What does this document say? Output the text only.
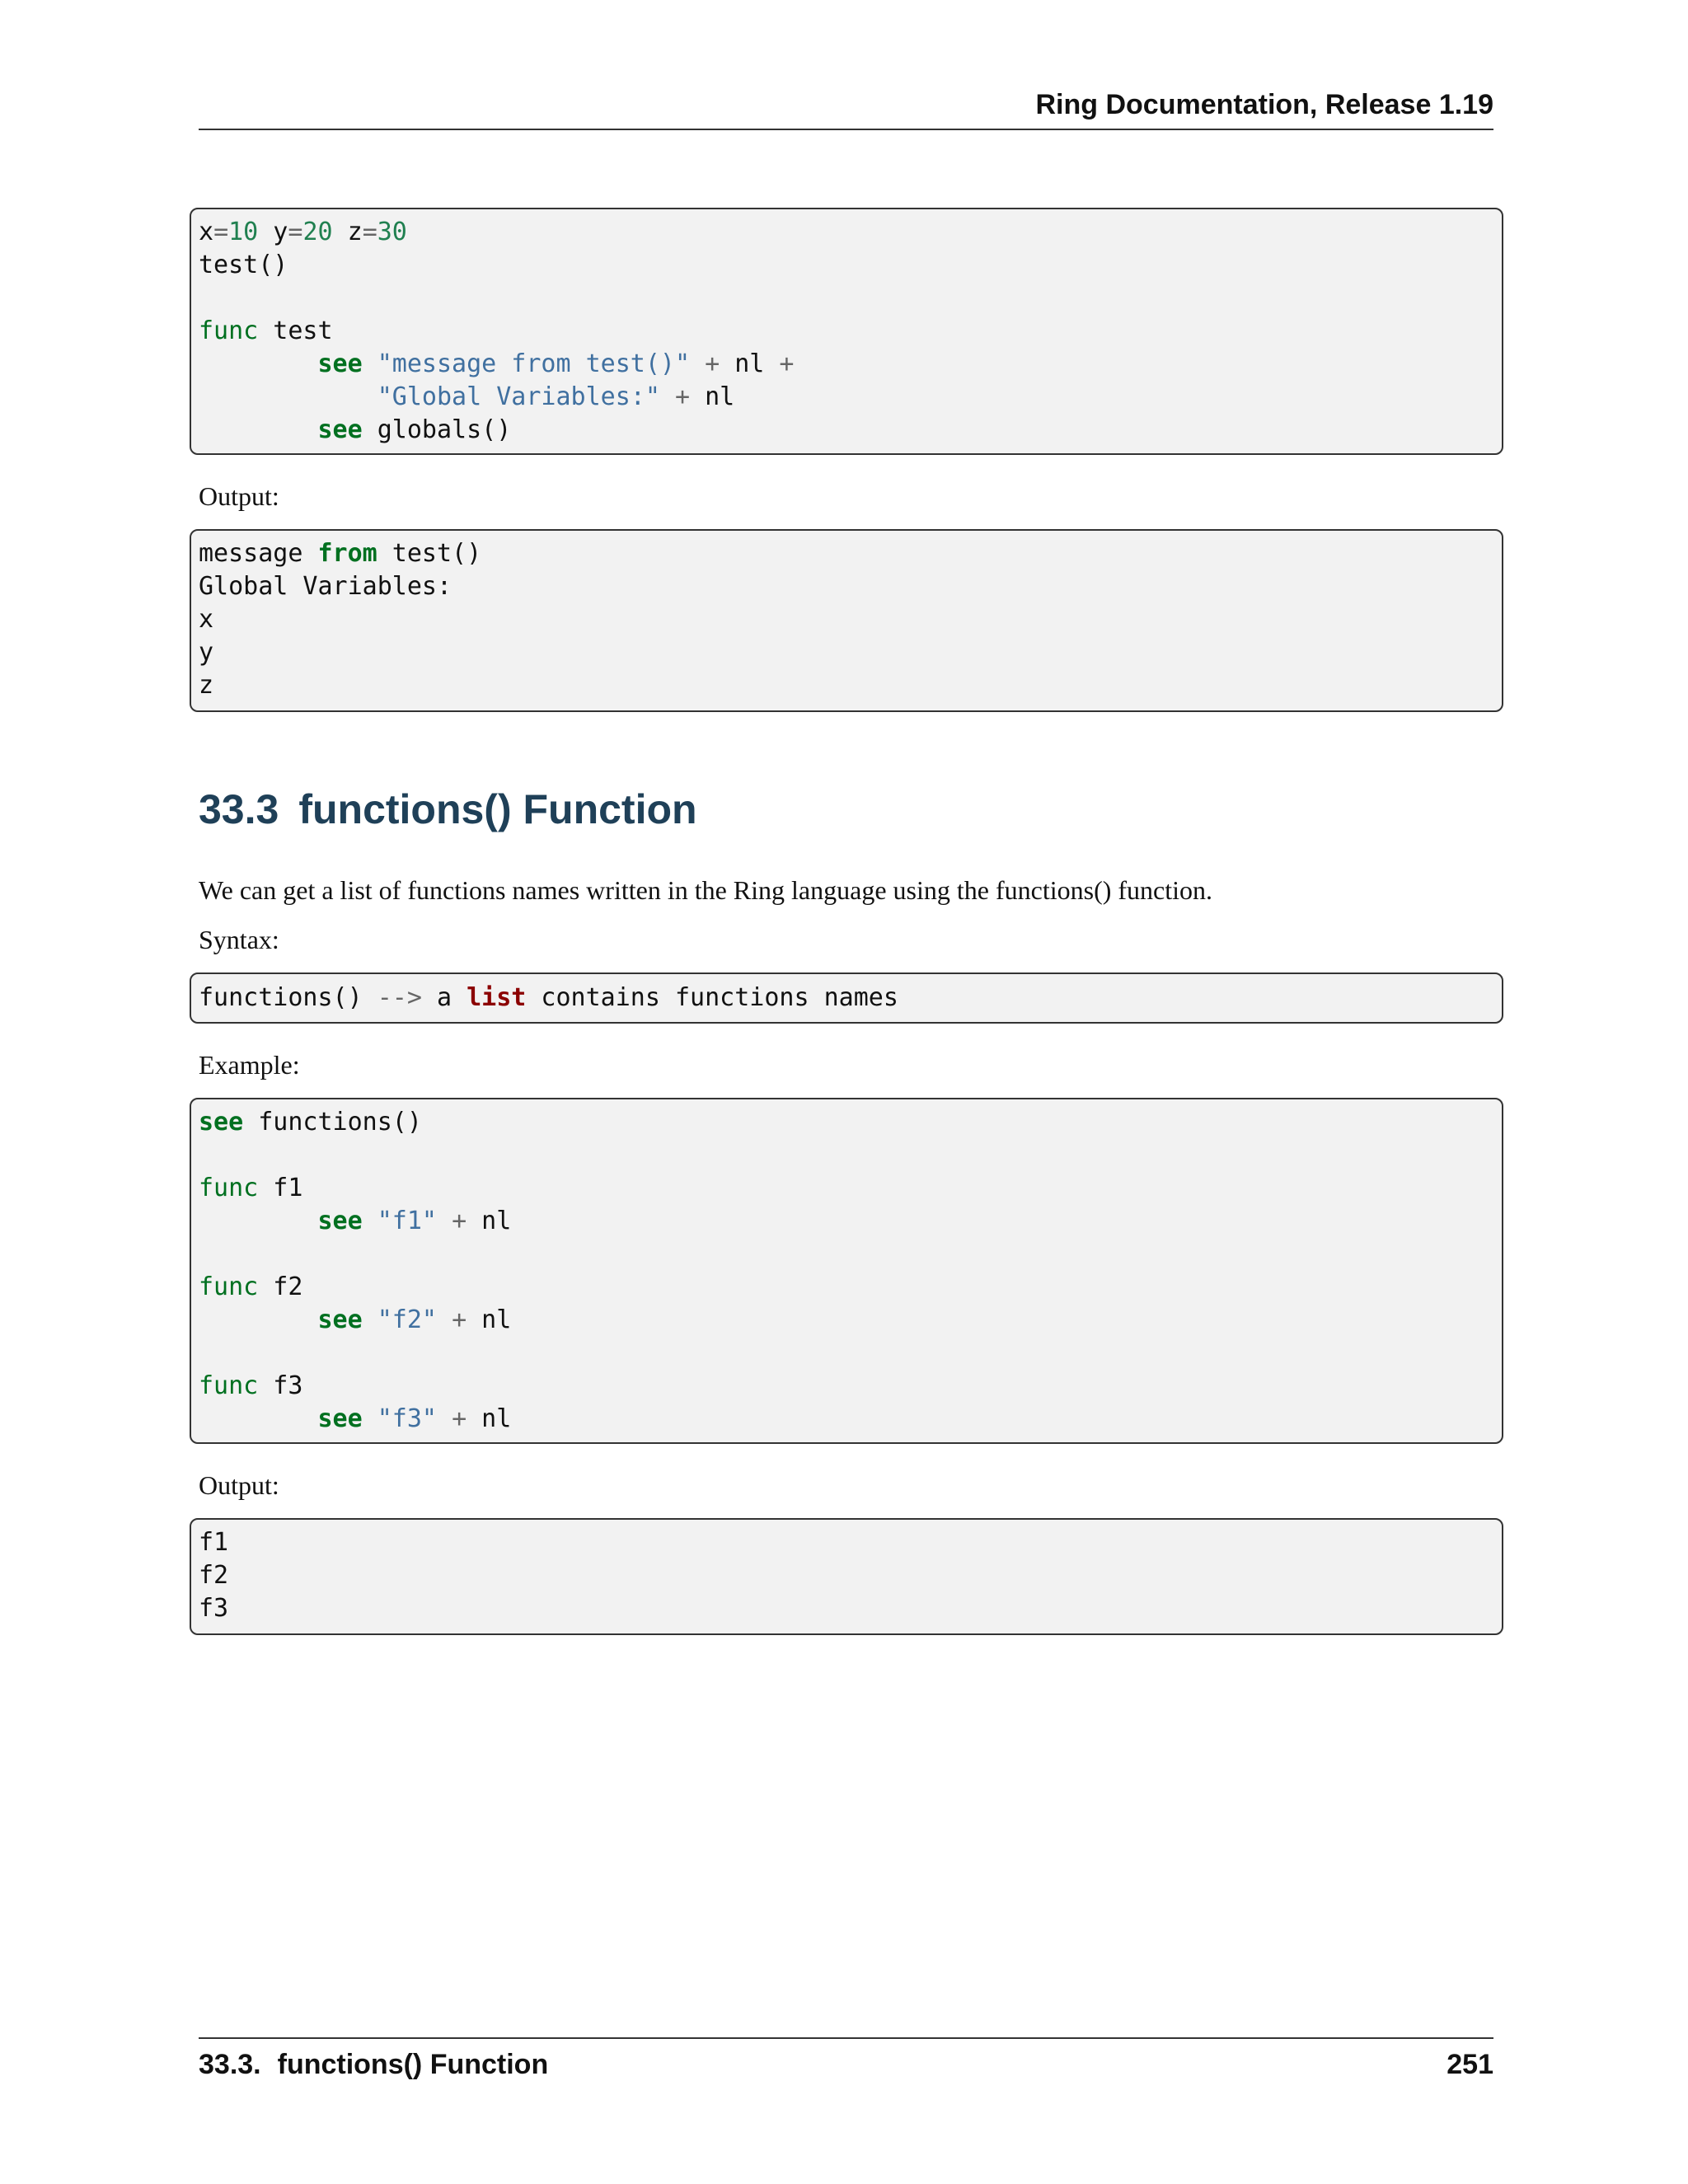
Ring Documentation, Release 1.19
x=10 y=20 z=30
test()

func test
see "message from test()" + nl +
"Global Variables:" + nl
see globals()
Output:
message from test()
Global Variables:
x
y
z
33.3 functions() Function
We can get a list of functions names written in the Ring language using the functions() function.
Syntax:
functions() --> a list contains functions names
Example:
see functions()

func f1
see "f1" + nl

func f2
see "f2" + nl

func f3
see "f3" + nl
Output:
f1
f2
f3
33.3. functions() Function	251
